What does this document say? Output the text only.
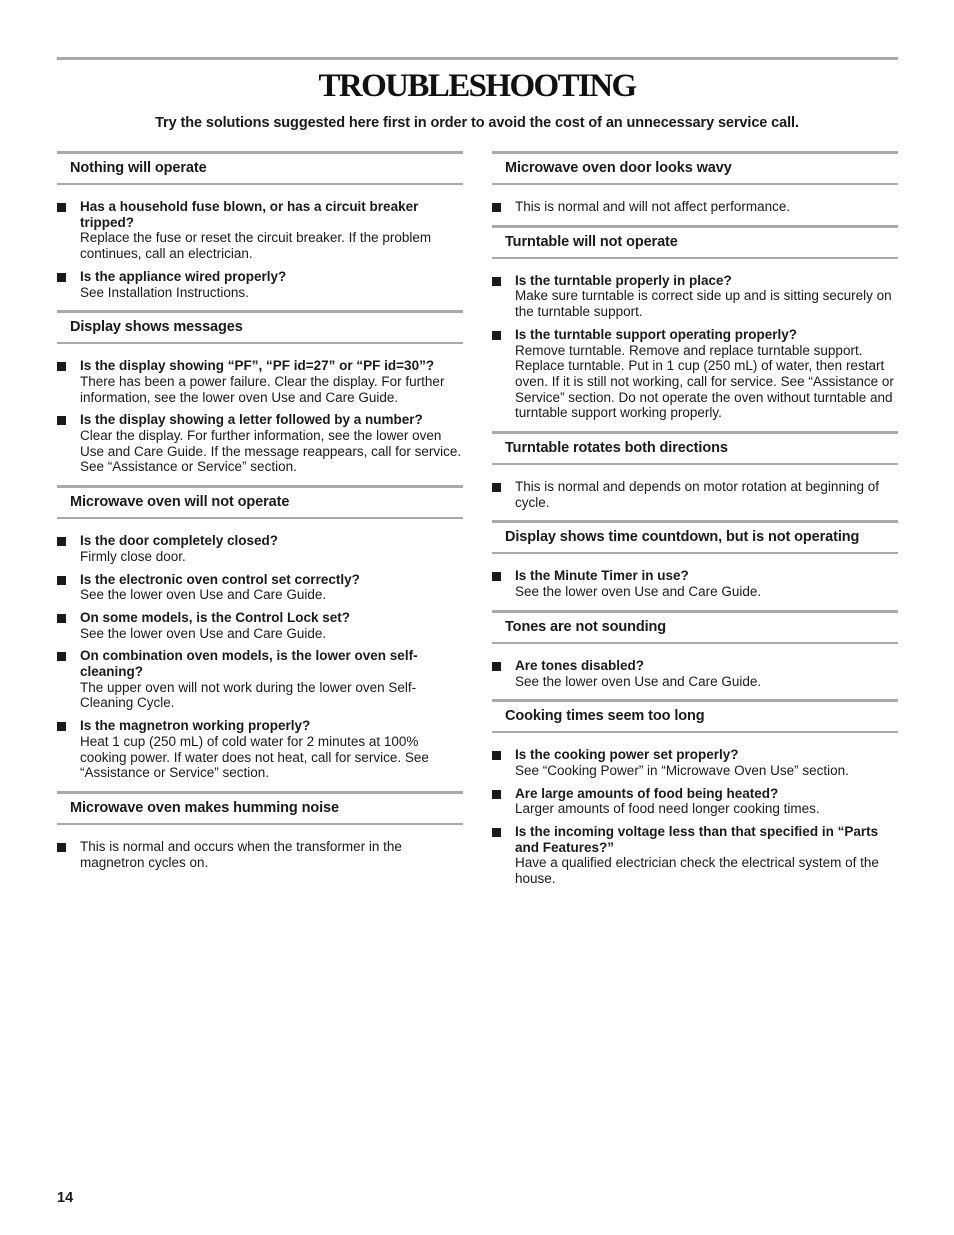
TROUBLESHOOTING

Try the solutions suggested here first in order to avoid the cost of an unnecessary service call.

Nothing will operate
Has a household fuse blown, or has a circuit breaker tripped?
Replace the fuse or reset the circuit breaker. If the problem continues, call an electrician.
Is the appliance wired properly?
See Installation Instructions.
Display shows messages
Is the display showing “PF”, “PF id=27” or “PF id=30”?
There has been a power failure. Clear the display. For further information, see the lower oven Use and Care Guide.
Is the display showing a letter followed by a number?
Clear the display. For further information, see the lower oven Use and Care Guide. If the message reappears, call for service. See “Assistance or Service” section.
Microwave oven will not operate
Is the door completely closed?
Firmly close door.
Is the electronic oven control set correctly?
See the lower oven Use and Care Guide.
On some models, is the Control Lock set?
See the lower oven Use and Care Guide.
On combination oven models, is the lower oven self-cleaning?
The upper oven will not work during the lower oven Self-Cleaning Cycle.
Is the magnetron working properly?
Heat 1 cup (250 mL) of cold water for 2 minutes at 100% cooking power. If water does not heat, call for service. See “Assistance or Service” section.
Microwave oven makes humming noise
This is normal and occurs when the transformer in the magnetron cycles on.
Microwave oven door looks wavy
This is normal and will not affect performance.
Turntable will not operate
Is the turntable properly in place?
Make sure turntable is correct side up and is sitting securely on the turntable support.
Is the turntable support operating properly?
Remove turntable. Remove and replace turntable support. Replace turntable. Put in 1 cup (250 mL) of water, then restart oven. If it is still not working, call for service. See “Assistance or Service” section. Do not operate the oven without turntable and turntable support working properly.
Turntable rotates both directions
This is normal and depends on motor rotation at beginning of cycle.
Display shows time countdown, but is not operating
Is the Minute Timer in use?
See the lower oven Use and Care Guide.
Tones are not sounding
Are tones disabled?
See the lower oven Use and Care Guide.
Cooking times seem too long
Is the cooking power set properly?
See “Cooking Power” in “Microwave Oven Use” section.
Are large amounts of food being heated?
Larger amounts of food need longer cooking times.
Is the incoming voltage less than that specified in “Parts and Features?”
Have a qualified electrician check the electrical system of the house.
14
